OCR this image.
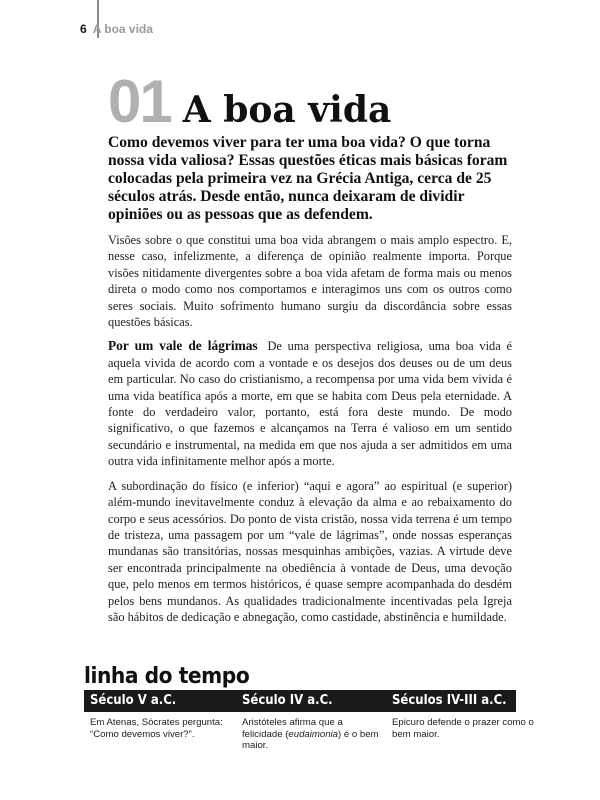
6 A boa vida
01 A boa vida

Como devemos viver para ter uma boa vida? O que torna nossa vida valiosa? Essas questões éticas mais básicas foram colocadas pela primeira vez na Grécia Antiga, cerca de 25 séculos atrás. Desde então, nunca deixaram de dividir opiniões ou as pessoas que as defendem.

Visões sobre o que constitui uma boa vida abrangem o mais amplo espectro. E, nesse caso, infelizmente, a diferença de opinião realmente importa. Porque visões nitidamente divergentes sobre a boa vida afetam de forma mais ou menos direta o modo como nos comportamos e interagimos uns com os outros como seres sociais. Muito sofrimento humano surgiu da discordância sobre essas questões básicas.

Por um vale de lágrimas De uma perspectiva religiosa, uma boa vida é aquela vivida de acordo com a vontade e os desejos dos deuses ou de um deus em particular. No caso do cristianismo, a recompensa por uma vida bem vivida é uma vida beatífica após a morte, em que se habita com Deus pela eternidade. A fonte do verdadeiro valor, portanto, está fora deste mundo. De modo significativo, o que fazemos e alcançamos na Terra é valioso em um sentido secundário e instrumental, na medida em que nos ajuda a ser admitidos em uma outra vida infinitamente melhor após a morte.

A subordinação do físico (e inferior) “aqui e agora” ao espiritual (e superior) além-mundo inevitavelmente conduz à elevação da alma e ao rebaixamento do corpo e seus acessórios. Do ponto de vista cristão, nossa vida terrena é um tempo de tristeza, uma passagem por um “vale de lágrimas”, onde nossas esperanças mundanas são transitórias, nossas mesquinhas ambições, vazias. A virtude deve ser encontrada principalmente na obediência à vontade de Deus, uma devoção que, pelo menos em termos históricos, é quase sempre acompanhada do desdém pelos bens mundanos. As qualidades tradicionalmente incentivadas pela Igreja são hábitos de dedicação e abnegação, como castidade, abstinência e humildade.

linha do tempo
Século V a.C.	Século IV a.C.	Séculos IV-III a.C.
Em Atenas, Sócrates pergunta: “Como devemos viver?”.
Aristóteles afirma que a felicidade (eudaimonia) é o bem maior.
Epicuro defende o prazer como o bem maior.
